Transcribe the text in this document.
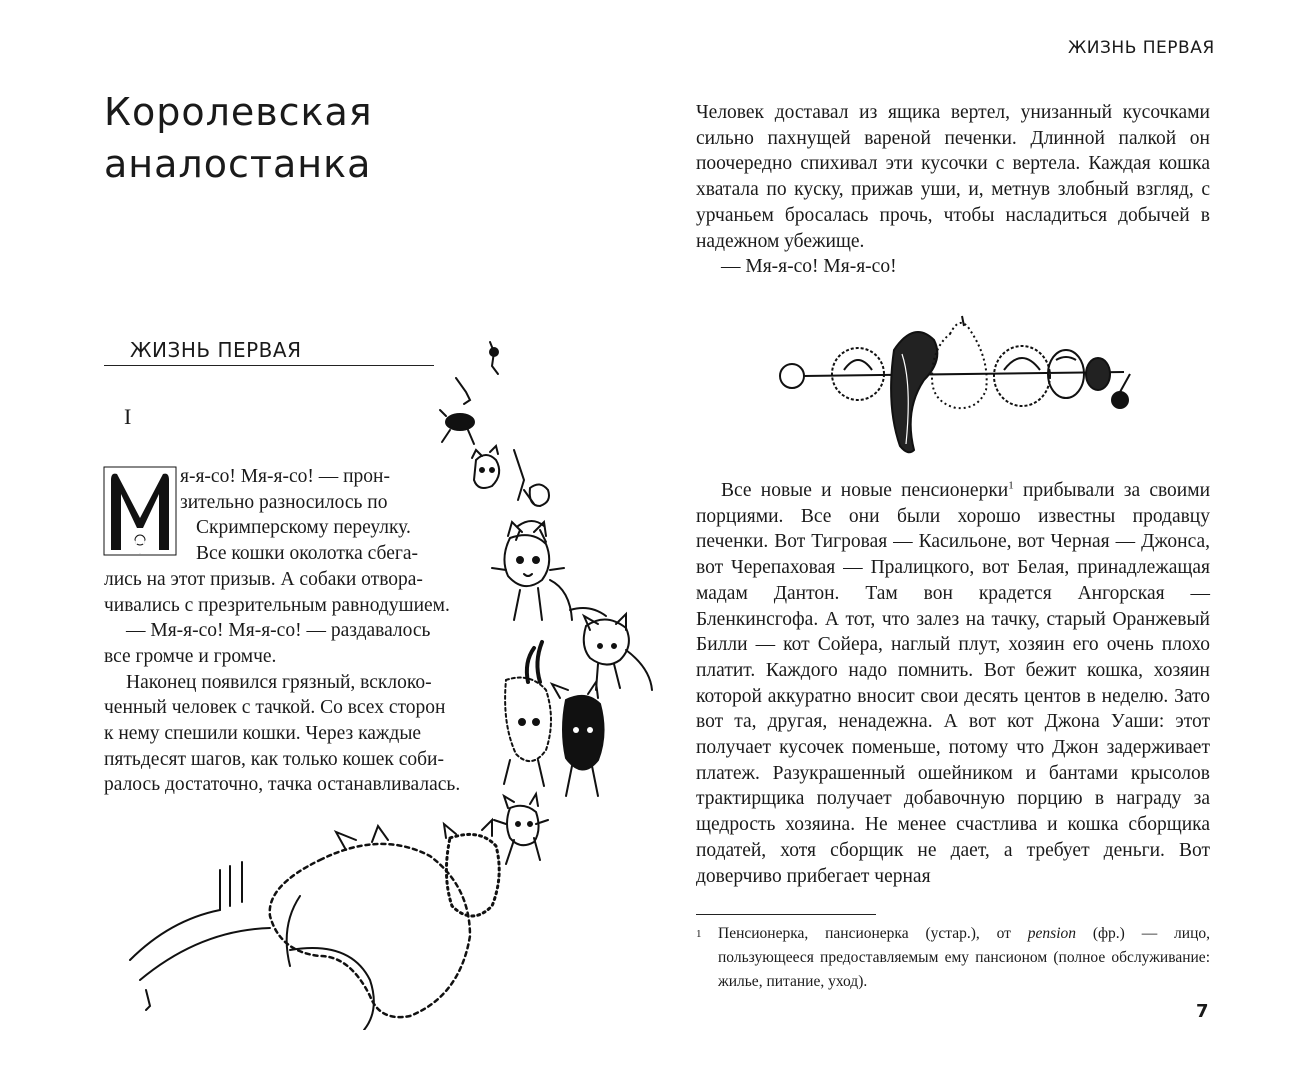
ЖИЗНЬ ПЕРВАЯ
Королевская
аналостанка
ЖИЗНЬ ПЕРВАЯ
I
М
я-я-со! Мя-я-со! — прон-
зительно разносилось по
Скримперскому переулку.
Все кошки околотка сбега-
лись на этот призыв. А собаки отвора-
чивались с презрительным равнодушием.
— Мя-я-со! Мя-я-со! — раздавалось
все громче и громче.
Наконец появился грязный, всклоко-
ченный человек с тачкой. Со всех сторон
к нему спешили кошки. Через каждые
пятьдесят шагов, как только кошек соби-
ралось достаточно, тачка останавливалась.

Человек доставал из ящика вертел, унизанный кусочками сильно пахнущей вареной печенки. Длинной палкой он поочередно спихивал эти кусочки с вертела. Каждая кошка хватала по куску, прижав уши, и, метнув злобный взгляд, с урчаньем бросалась прочь, чтобы насладиться добычей в надежном убежище.

— Мя-я-со! Мя-я-со!

Все новые и новые пенсионерки$^1$ прибывали за своими порциями. Все они были хорошо известны продавцу печенки. Вот Тигровая — Касильоне, вот Черная — Джонса, вот Черепаховая — Пралицкого, вот Белая, принадлежащая мадам Дантон. Там вон крадется Ангорская — Бленкинсгофа. А тот, что залез на тачку, старый Оранжевый Билли — кот Сойера, наглый плут, хозяин его очень плохо платит. Каждого надо помнить. Вот бежит кошка, хозяин которой аккуратно вносит свои десять центов в неделю. Зато вот та, другая, ненадежна. А вот кот Джона Уаши: этот получает кусочек поменьше, потому что Джон задерживает платеж. Разукрашенный ошейником и бантами крысолов трактирщика получает добавочную порцию в награду за щедрость хозяина. Не менее счастлива и кошка сборщика податей, хотя сборщик не дает, а требует деньги. Вот доверчиво прибегает черная

1 Пенсионерка, пансионерка (устар.), от pension (фр.) — лицо, пользующееся предоставляемым ему пансионом (полное обслуживание: жилье, питание, уход).
7
